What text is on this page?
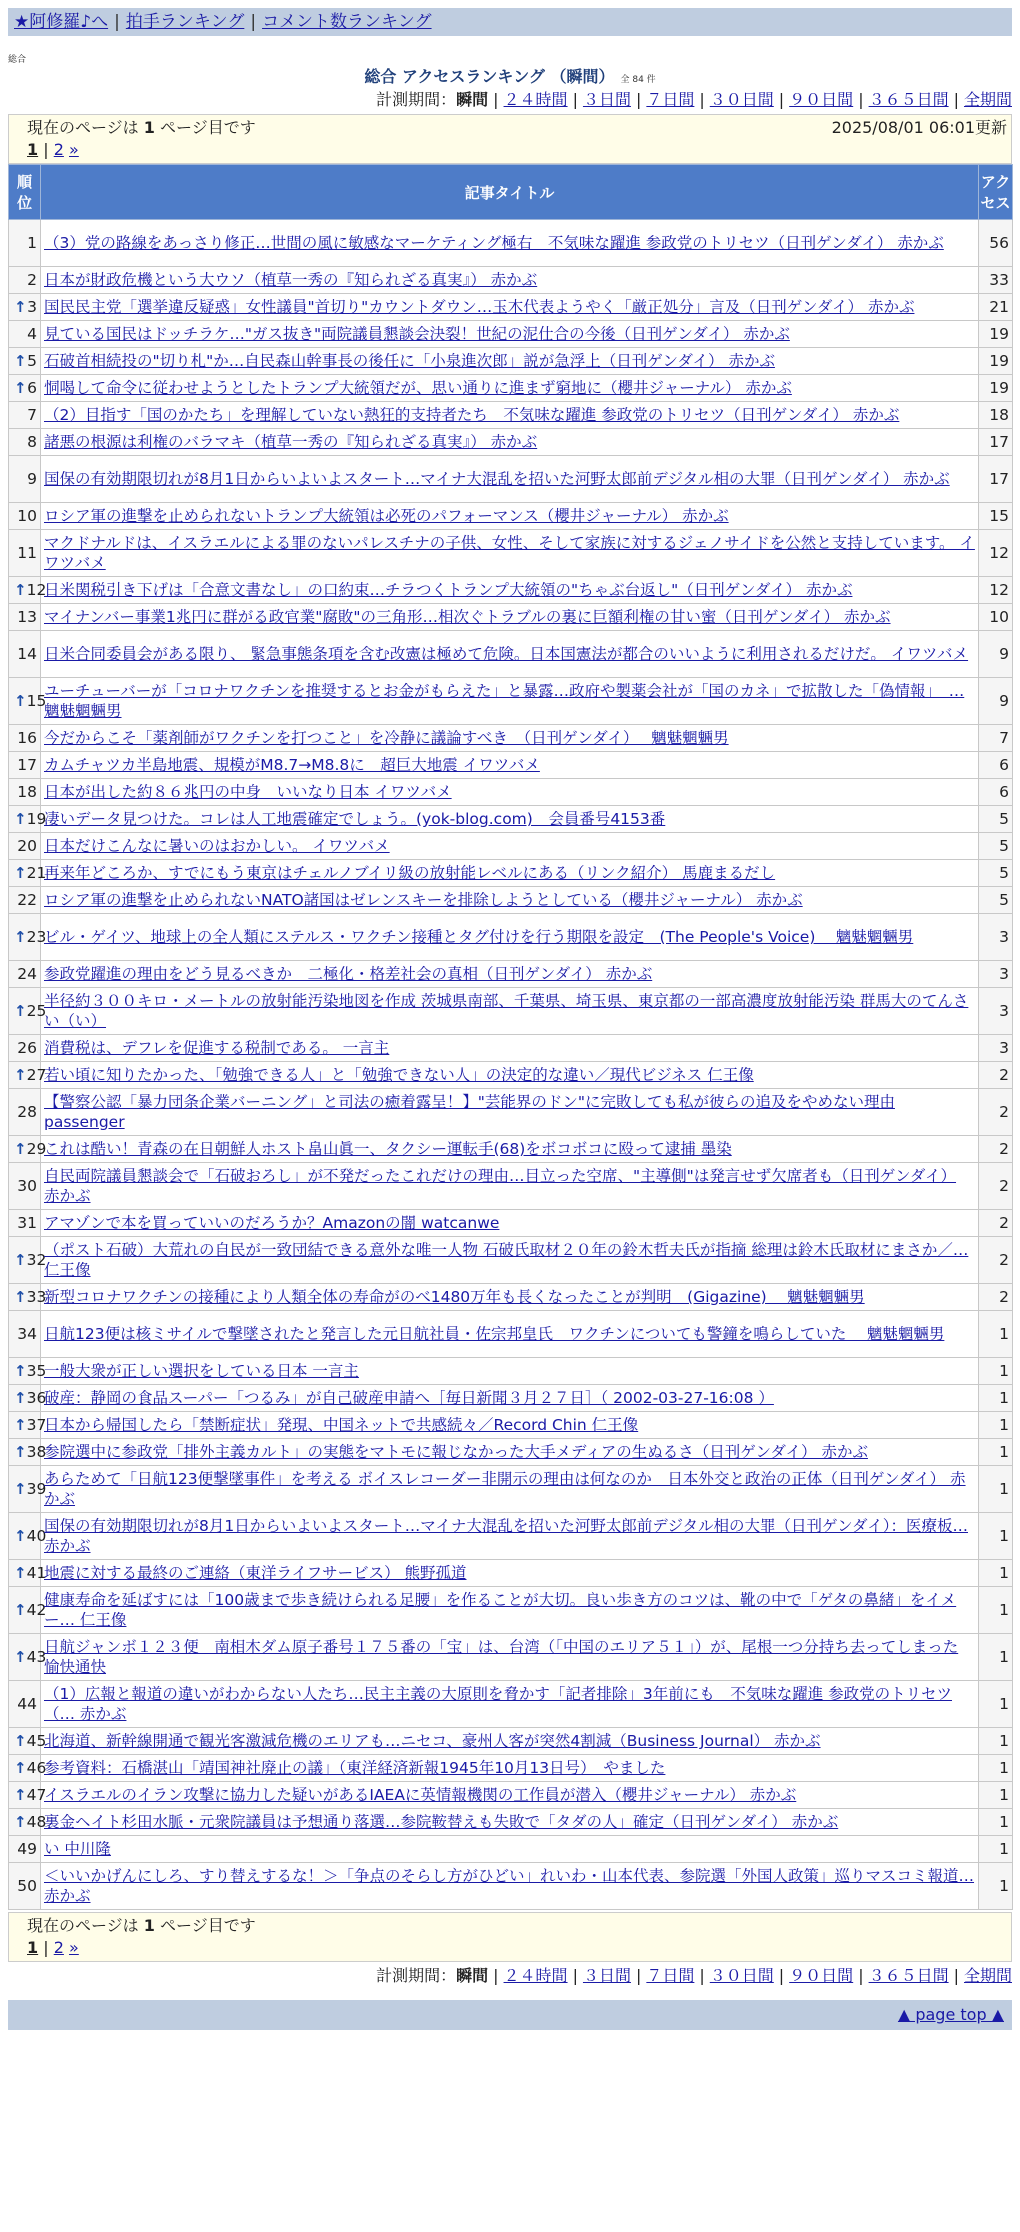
★阿修羅♪へ | 拍手ランキング | コメント数ランキング
総合
総合 アクセスランキング （瞬間） 全 84 件
計測期間：瞬間 | ２４時間 | ３日間 | ７日間 | ３０日間 | ９０日間 | ３６５日間 | 全期間
現在のページは 1 ページ目です	2025/08/01 06:01更新
1 | 2 »
順位	記事タイトル	アクセス
1	（3）党の路線をあっさり修正…世間の風に敏感なマーケティング極右　不気味な躍進 参政党のトリセツ（日刊ゲンダイ） 赤かぶ	56
2	日本が財政危機という大ウソ（植草一秀の『知られざる真実』） 赤かぶ	33

↑ 3	国民民主党「選挙違反疑惑」女性議員"首切り"カウントダウン…玉木代表ようやく「厳正処分」言及（日刊ゲンダイ） 赤かぶ	21
4	見ている国民はドッチラケ…"ガス抜き"両院議員懇談会決裂！世紀の泥仕合の今後（日刊ゲンダイ） 赤かぶ	19

↑ 5	石破首相続投の"切り札"か…自民森山幹事長の後任に「小泉進次郎」説が急浮上（日刊ゲンダイ） 赤かぶ	19

↑ 6	恫喝して命令に従わせようとしたトランプ大統領だが、思い通りに進まず窮地に（櫻井ジャーナル） 赤かぶ	19
7	（2）目指す「国のかたち」を理解していない熱狂的支持者たち　不気味な躍進 参政党のトリセツ（日刊ゲンダイ） 赤かぶ	18
8	諸悪の根源は利権のバラマキ（植草一秀の『知られざる真実』） 赤かぶ	17
9	国保の有効期限切れが8月1日からいよいよスタート…マイナ大混乱を招いた河野太郎前デジタル相の大罪（日刊ゲンダイ） 赤かぶ	17
10	ロシア軍の進撃を止められないトランプ大統領は必死のパフォーマンス（櫻井ジャーナル） 赤かぶ	15
11	マクドナルドは、イスラエルによる罪のないパレスチナの子供、女性、そして家族に対するジェノサイドを公然と支持しています。 イワツバメ	12

↑ 12	日米関税引き下げは「合意文書なし」の口約束…チラつくトランプ大統領の"ちゃぶ台返し"（日刊ゲンダイ） 赤かぶ	12
13	マイナンバー事業1兆円に群がる政官業"腐敗"の三角形…相次ぐトラブルの裏に巨額利権の甘い蜜（日刊ゲンダイ） 赤かぶ	10
14	日米合同委員会がある限り、 緊急事態条項を含む改憲は極めて危険。日本国憲法が都合のいいように利用されるだけだ。 イワツバメ	9

↑ 15	ユーチューバーが「コロナワクチンを推奨するとお金がもらえた」と暴露…政府や製薬会社が「国のカネ」で拡散した「偽情報」　… 魑魅魍魎男	9
16	今だからこそ「薬剤師がワクチンを打つこと」を冷静に議論すべき　（日刊ゲンダイ）　 魑魅魍魎男	7
17	カムチャツカ半島地震、規模がM8.7→M8.8に　超巨大地震 イワツバメ	6
18	日本が出した約８６兆円の中身　いいなり日本 イワツバメ	6

↑ 19	凄いデータ見つけた。コレは人工地震確定でしょう。(yok-blog.com)　会員番号4153番	5
20	日本だけこんなに暑いのはおかしい。 イワツバメ	5

↑ 21	再来年どころか、すでにもう東京はチェルノブイリ級の放射能レベルにある（リンク紹介） 馬鹿まるだし	5
22	ロシア軍の進撃を止められないNATO諸国はゼレンスキーを排除しようとしている（櫻井ジャーナル） 赤かぶ	5

↑ 23	ビル・ゲイツ、地球上の全人類にステルス・ワクチン接種とタグ付けを行う期限を設定　(The People's Voice)　 魑魅魍魎男	3
24	参政党躍進の理由をどう見るべきか　二極化・格差社会の真相（日刊ゲンダイ） 赤かぶ	3

↑ 25	半径約３００キロ・メートルの放射能汚染地図を作成 茨城県南部、千葉県、埼玉県、東京都の一部高濃度放射能汚染 群馬大のてんさい（い）	3
26	消費税は、デフレを促進する税制である。 一言主	3

↑ 27	若い頃に知りたかった、「勉強できる人」と「勉強できない人」の決定的な違い／現代ビジネス 仁王像	2
28	【警察公認「暴力団条企業バーニング」と司法の癒着露呈！】"芸能界のドン"に完敗しても私が彼らの追及をやめない理由 passenger	2

↑ 29	これは酷い！青森の在日朝鮮人ホスト畠山眞一、タクシー運転手(68)をボコボコに殴って逮捕 墨染	2
30	自民両院議員懇談会で「石破おろし」が不発だったこれだけの理由…目立った空席、"主導側"は発言せず欠席者も（日刊ゲンダイ） 赤かぶ	2
31	アマゾンで本を買っていいのだろうか？Amazonの闇 watcanwe	2

↑ 32	（ポスト石破）大荒れの自民が一致団結できる意外な唯一人物 石破氏取材２０年の鈴木哲夫氏が指摘 総理は鈴木氏取材にまさか／… 仁王像	2

↑ 33	新型コロナワクチンの接種により人類全体の寿命がのべ1480万年も長くなったことが判明　(Gigazine)　 魑魅魍魎男	2
34	日航123便は核ミサイルで撃墜されたと発言した元日航社員・佐宗邦皇氏　ワクチンについても警鐘を鳴らしていた　 魑魅魍魎男	1

↑ 35	一般大衆が正しい選択をしている日本 一言主	1

↑ 36	破産：静岡の食品スーパー「つるみ」が自己破産申請へ［毎日新聞３月２７日］（ 2002-03-27-16:08 ）	1

↑ 37	日本から帰国したら「禁断症状」発現、中国ネットで共感続々／Record Chin 仁王像	1

↑ 38	参院選中に参政党「排外主義カルト」の実態をマトモに報じなかった大手メディアの生ぬるさ（日刊ゲンダイ） 赤かぶ	1

↑ 39	あらためて「日航123便撃墜事件」を考える ボイスレコーダー非開示の理由は何なのか　日本外交と政治の正体（日刊ゲンダイ） 赤かぶ	1

↑ 40	国保の有効期限切れが8月1日からいよいよスタート…マイナ大混乱を招いた河野太郎前デジタル相の大罪（日刊ゲンダイ）：医療板… 赤かぶ	1

↑ 41	地震に対する最終のご連絡（東洋ライフサービス） 熊野孤道	1

↑ 42	健康寿命を延ばすには「100歳まで歩き続けられる足腰」を作ることが大切。良い歩き方のコツは、靴の中で「ゲタの鼻緒」をイメー… 仁王像	1

↑ 43	日航ジャンボ１２３便　南相木ダム原子番号１７５番の「宝」は、台湾（「中国のエリア５１」）が、尾根一つ分持ち去ってしまった 愉快通快	1
44	（1）広報と報道の違いがわからない人たち…民主主義の大原則を脅かす「記者排除」3年前にも　不気味な躍進 参政党のトリセツ（… 赤かぶ	1

↑ 45	北海道、新幹線開通で観光客激減危機のエリアも…ニセコ、豪州人客が突然4割減（Business Journal） 赤かぶ	1

↑ 46	参考資料：石橋湛山「靖国神社廃止の議」（東洋経済新報1945年10月13日号）　やました	1

↑ 47	イスラエルのイラン攻撃に協力した疑いがあるIAEAに英情報機関の工作員が潜入（櫻井ジャーナル） 赤かぶ	1

↑ 48	裏金ヘイト杉田水脈・元衆院議員は予想通り落選…参院鞍替えも失敗で「タダの人」確定（日刊ゲンダイ） 赤かぶ	1
49	い 中川隆	1
50	＜いいかげんにしろ、すり替えするな！＞「争点のそらし方がひどい」れいわ・山本代表、参院選「外国人政策」巡りマスコミ報道… 赤かぶ	1
現在のページは 1 ページ目です
1 | 2 »
計測期間：瞬間 | ２４時間 | ３日間 | ７日間 | ３０日間 | ９０日間 | ３６５日間 | 全期間
▲ page top ▲
